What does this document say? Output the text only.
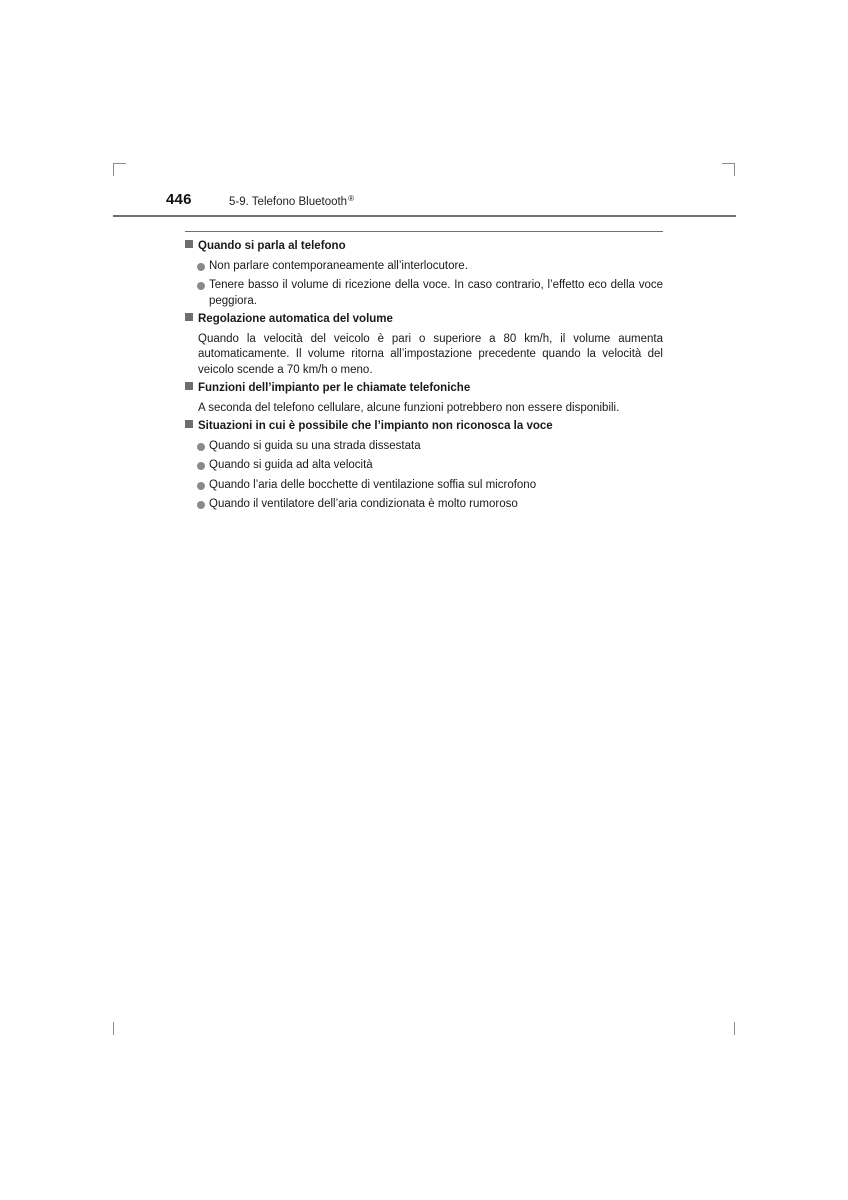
446	5-9. Telefono Bluetooth®
Quando si parla al telefono
Non parlare contemporaneamente all’interlocutore.
Tenere basso il volume di ricezione della voce. In caso contrario, l’effetto eco della voce peggiora.
Regolazione automatica del volume
Quando la velocità del veicolo è pari o superiore a 80 km/h, il volume aumenta automaticamente. Il volume ritorna all’impostazione precedente quando la velocità del veicolo scende a 70 km/h o meno.
Funzioni dell’impianto per le chiamate telefoniche
A seconda del telefono cellulare, alcune funzioni potrebbero non essere disponibili.
Situazioni in cui è possibile che l’impianto non riconosca la voce
Quando si guida su una strada dissestata
Quando si guida ad alta velocità
Quando l’aria delle bocchette di ventilazione soffia sul microfono
Quando il ventilatore dell’aria condizionata è molto rumoroso
